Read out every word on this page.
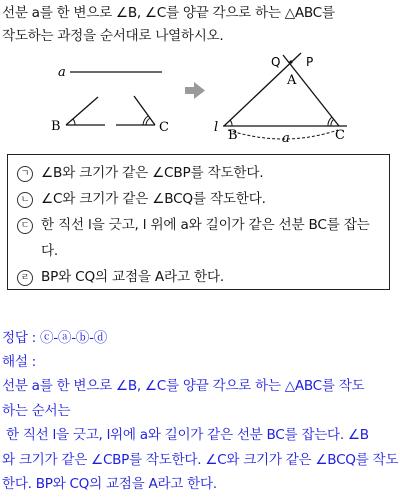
선분 a를 한 변으로 ∠B, ∠C를 양끝 각으로 하는 △ABC를
작도하는 과정을 순서대로 나열하시오.
a
B	C	l
Q P
A
B	C
a
ㄱ ∠B와 크기가 같은 ∠CBP를 작도한다.
ㄴ ∠C와 크기가 같은 ∠BCQ를 작도한다.
ㄷ 한 직선 l을 긋고, l 위에 a와 길이가 같은 선분 BC를 잡는다.
ㄹ BP와 CQ의 교점을 A라고 한다.
정답 : ⓒ-ⓐ-ⓑ-ⓓ
해설 :
선분 a를 한 변으로 ∠B, ∠C를 양끝 각으로 하는 △ABC를 작도
하는 순서는
한 직선 l을 긋고, l위에 a와 길이가 같은 선분 BC를 잡는다. ∠B
와 크기가 같은 ∠CBP를 작도한다. ∠C와 크기가 같은 ∠BCQ를 작도
한다. BP와 CQ의 교점을 A라고 한다.
